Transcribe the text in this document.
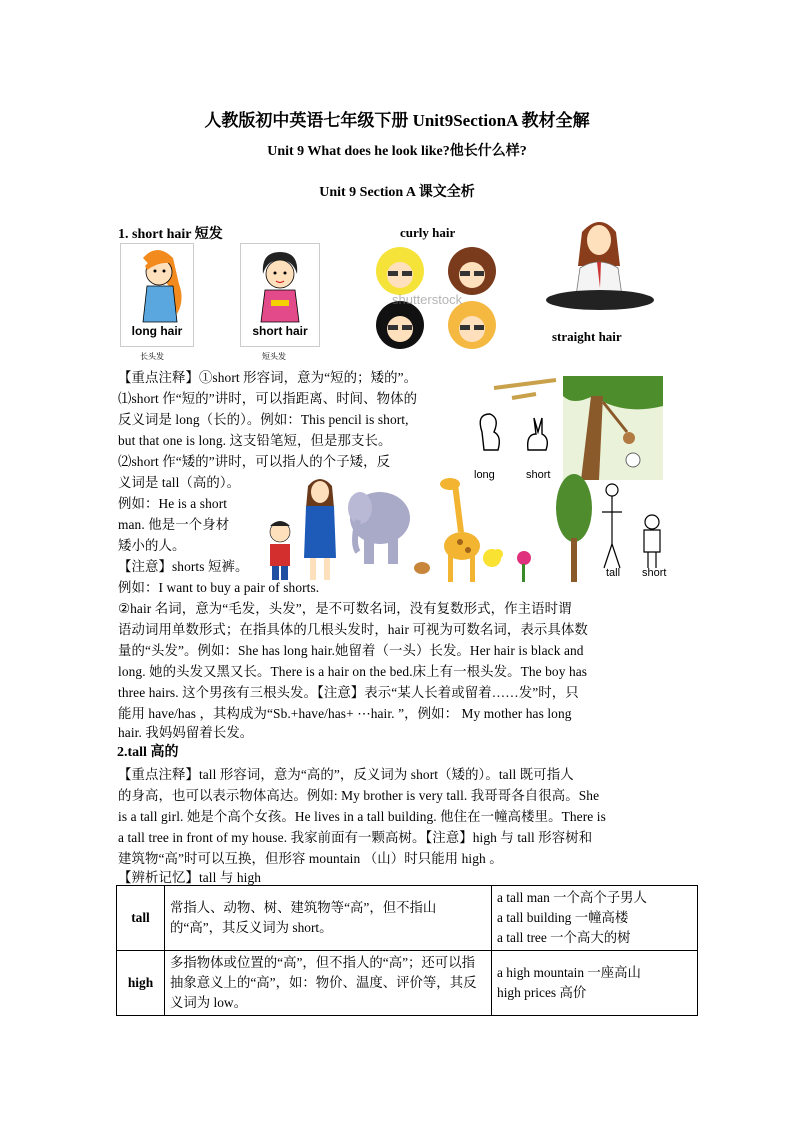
人教版初中英语七年级下册 Unit9SectionA 教材全解
Unit 9 What does he look like?他长什么样?
Unit 9 Section A 课文全析
1. short hair 短发	curly hair
long hair
长头发
short hair
短头发
shutterstock
straight hair
long	short
tall short
【重点注释】①short 形容词，意为“短的；矮的”。
⑴short 作“短的”讲时，可以指距离、时间、物体的
反义词是 long（长的）。例如：This pencil is short,
but that one is long. 这支铅笔短，但是那支长。
⑵short 作“矮的”讲时，可以指人的个子矮，反
义词是 tall（高的）。
例如：He is a short
man. 他是一个身材
矮小的人。
【注意】shorts 短裤。
例如：I want to buy a pair of shorts.
②hair 名词，意为“毛发，头发”，是不可数名词，没有复数形式，作主语时谓
语动词用单数形式；在指具体的几根头发时，hair 可视为可数名词，表示具体数
量的“头发”。例如：She has long hair.她留着（一头）长发。Her hair is black and
long. 她的头发又黑又长。There is a hair on the bed.床上有一根头发。The boy has
three hairs. 这个男孩有三根头发。【注意】表示“某人长着或留着……发”时，只
能用 have/has ，其构成为“Sb.+have/has+ ⋯hair. ”，例如： My mother has long
hair. 我妈妈留着长发。
2.tall 高的
【重点注释】tall 形容词，意为“高的”，反义词为 short（矮的）。tall 既可指人
的身高，也可以表示物体高达。例如: My brother is very tall. 我哥哥各自很高。She
is a tall girl. 她是个高个女孩。He lives in a tall building. 他住在一幢高楼里。There is
a tall tree in front of my house. 我家前面有一颗高树。【注意】high 与 tall 形容树和
建筑物“高”时可以互换，但形容 mountain （山）时只能用 high 。
【辨析记忆】tall 与 high
tall	常指人、动物、树、建筑物等“高”，但不指山的“高”，其反义词为 short。	a tall man 一个高个子男人
a tall building 一幢高楼
a tall tree 一个高大的树

high	多指物体或位置的“高”，但不指人的“高”；还可以指抽象意义上的“高”，如：物价、温度、评价等，其反义词为 low。	a high mountain 一座高山
high prices 高价
